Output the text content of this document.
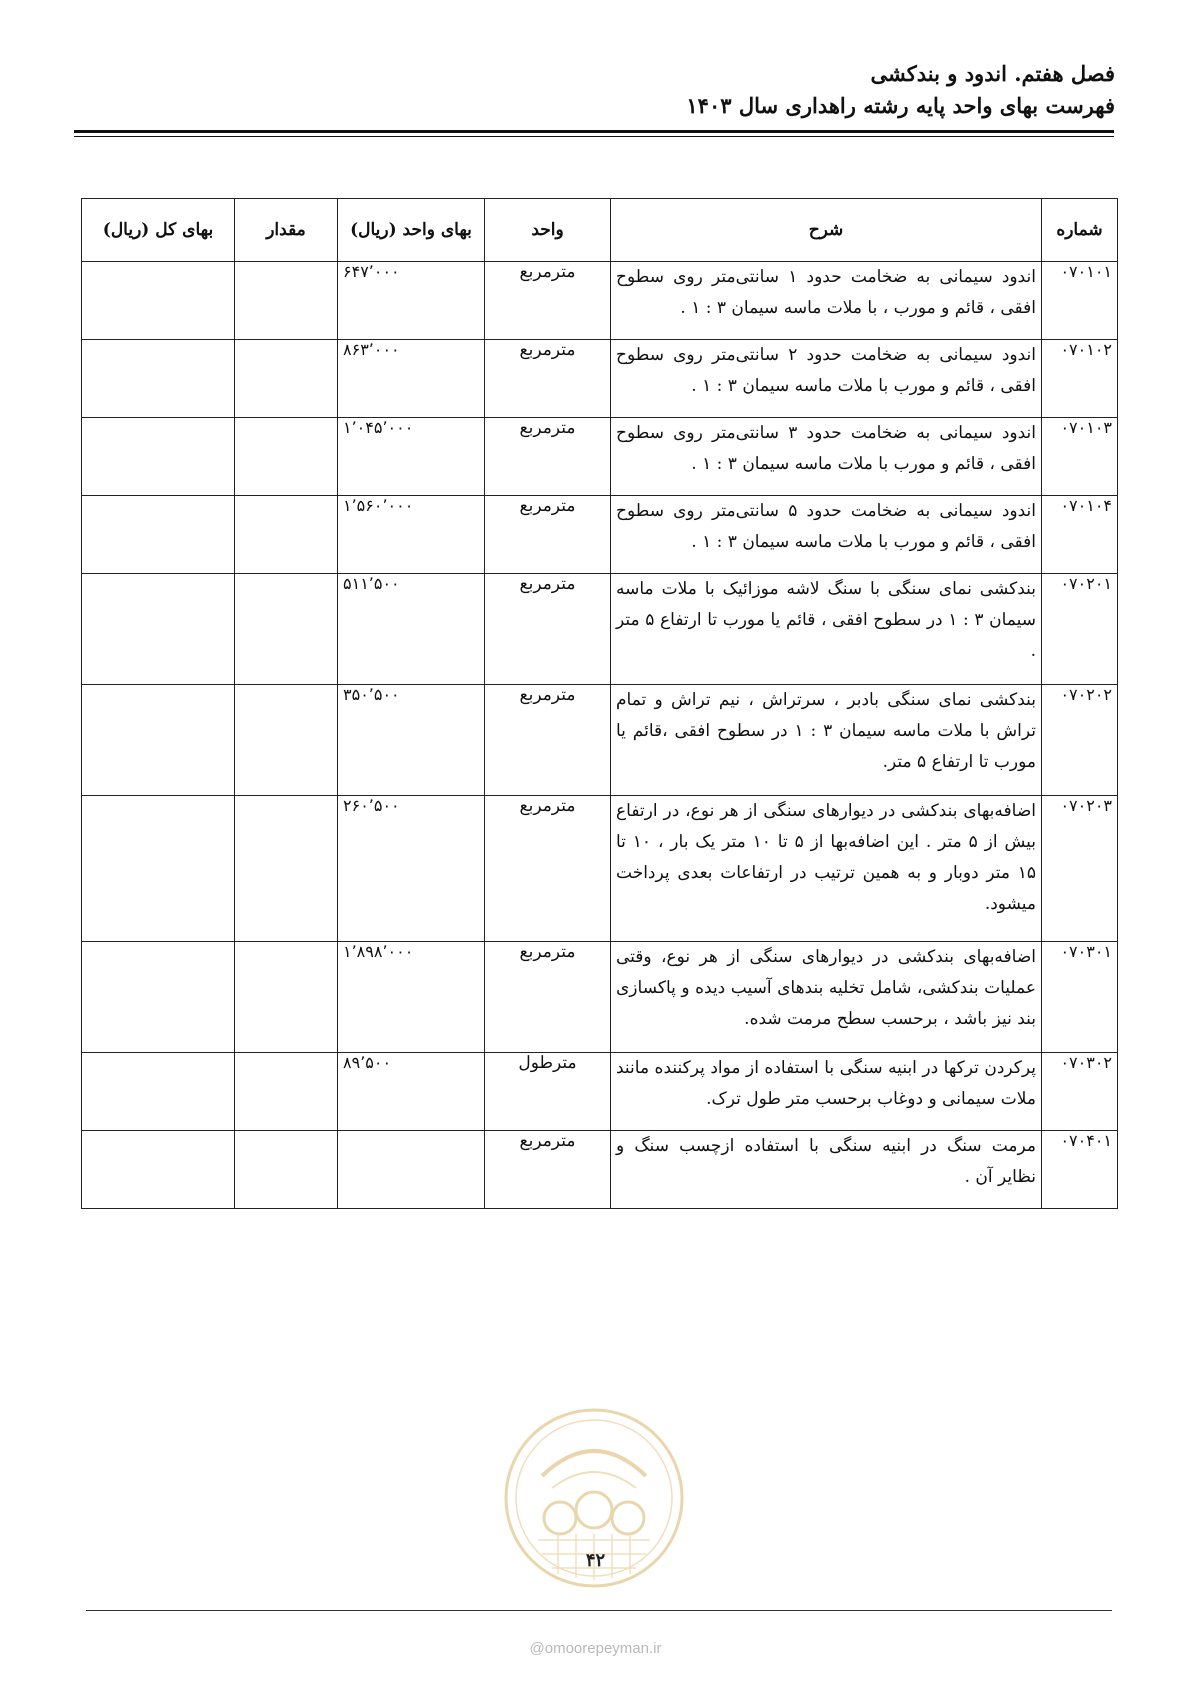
فصل هفتم. اندود و بندکشی
فهرست بهای واحد پایه رشته راهداری سال ۱۴۰۳
شماره	شرح	واحد	بهای واحد (ریال)	مقدار	بهای کل (ریال)
۰۷۰۱۰۱	اندود سیمانی به ضخامت حدود ۱ سانتی‌متر روی سطوح افقی ، قائم و مورب ، با ملات ماسه سیمان ۳ : ۱ .	مترمربع	۶۴۷٬۰۰۰		
۰۷۰۱۰۲	اندود سیمانی به ضخامت حدود ۲ سانتی‌متر روی سطوح افقی ، قائم و مورب با ملات ماسه سیمان ۳ : ۱ .	مترمربع	۸۶۳٬۰۰۰		
۰۷۰۱۰۳	اندود سیمانی به ضخامت حدود ۳ سانتی‌متر روی سطوح افقی ، قائم و مورب با ملات ماسه سیمان ۳ : ۱ .	مترمربع	۱٬۰۴۵٬۰۰۰		
۰۷۰۱۰۴	اندود سیمانی به ضخامت حدود ۵ سانتی‌متر روی سطوح افقی ، قائم و مورب با ملات ماسه سیمان ۳ : ۱ .	مترمربع	۱٬۵۶۰٬۰۰۰		
۰۷۰۲۰۱	بندکشی نمای سنگی با سنگ لاشه موزائیک با ملات ماسه سیمان ۳ : ۱ در سطوح افقی ، قائم یا مورب تا ارتفاع ۵ متر .	مترمربع	۵۱۱٬۵۰۰		
۰۷۰۲۰۲	بندکشی نمای سنگی بادبر ، سرتراش ، نیم تراش و تمام تراش با ملات ماسه سیمان ۳ : ۱ در سطوح افقی ،قائم یا مورب تا ارتفاع ۵ متر.	مترمربع	۳۵۰٬۵۰۰		
۰۷۰۲۰۳	اضافه‌بهای بندکشی در دیوارهای سنگی از هر نوع، در ارتفاع بیش از ۵ متر . این اضافه‌بها از ۵ تا ۱۰ متر یک بار ، ۱۰ تا ۱۵ متر دوبار و به همین ترتیب در ارتفاعات بعدی پرداخت میشود.	مترمربع	۲۶۰٬۵۰۰		
۰۷۰۳۰۱	اضافه‌بهای بندکشی در دیوارهای سنگی از هر نوع، وقتی عملیات بندکشی، شامل تخلیه بندهای آسیب دیده و پاکسازی بند نیز باشد ، برحسب سطح مرمت شده.	مترمربع	۱٬۸۹۸٬۰۰۰		
۰۷۰۳۰۲	پرکردن ترکها در ابنیه سنگی با استفاده از مواد پرکننده مانند ملات سیمانی و دوغاب برحسب متر طول ترک.	مترطول	۸۹٬۵۰۰		
۰۷۰۴۰۱	مرمت سنگ در ابنیه سنگی با استفاده ازچسب سنگ و نظایر آن .	مترمربع			
۴۲
@omoorepeyman.ir
